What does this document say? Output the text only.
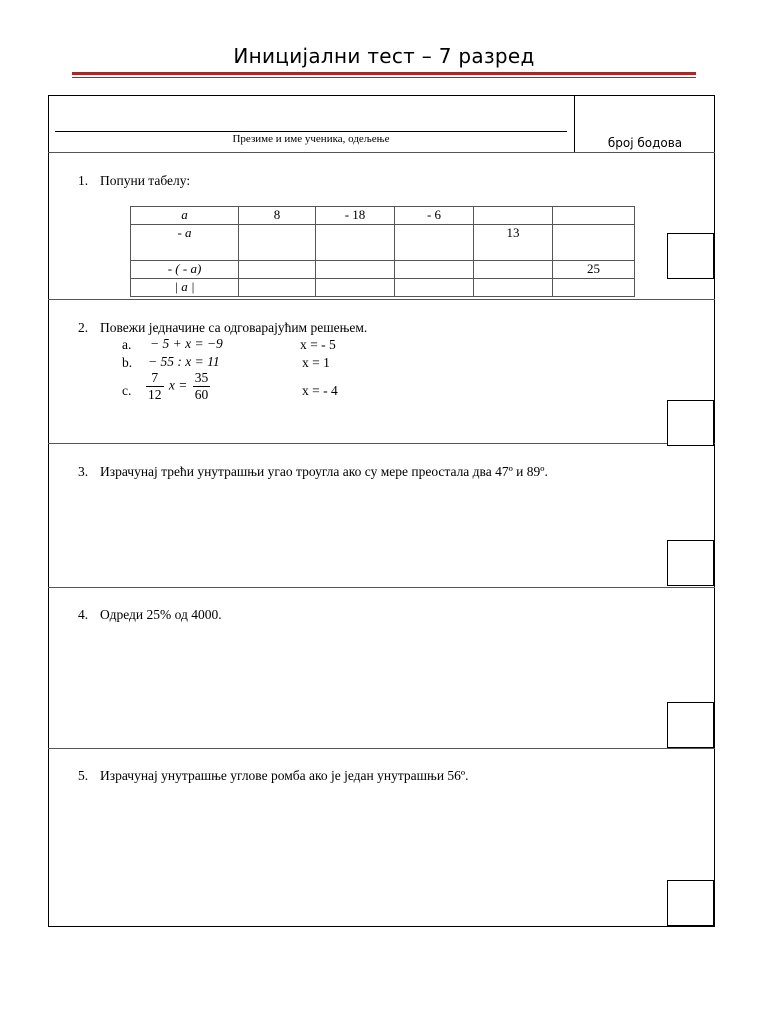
Иницијални тест – 7 разред
Презиме и име ученика, одељење	број бодова
1. Попуни табелу:
a	8	- 18	- 6		
- a				13	
- ( - a)					25
| a |					
2. Повежи једначине са одговарајућим решењем.
a. − 5 + x = −9	x = - 5
b. − 55 : x = 11	x = 1
c. $\frac{7}{12}$ $x = \frac{35}{60}$	x = - 4
3. Израчунај трећи унутрашњи угао троугла ако су мере преостала два 47º и 89º.
4. Одреди 25% од 4000.
5. Израчунај унутрашње углове ромба ако је један унутрашњи 56º.
